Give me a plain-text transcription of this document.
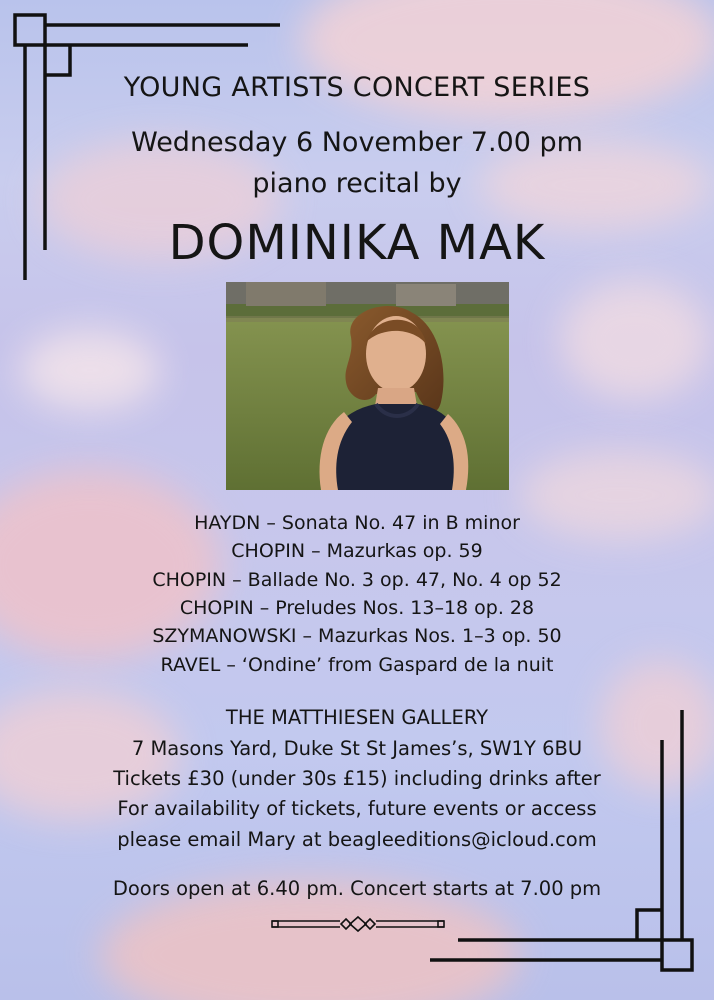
YOUNG ARTISTS CONCERT SERIES
Wednesday 6 November 7.00 pm
piano recital by
DOMINIKA MAK
HAYDN – Sonata No. 47 in B minor
CHOPIN – Mazurkas op. 59
CHOPIN – Ballade No. 3 op. 47, No. 4 op 52
CHOPIN – Preludes Nos. 13–18 op. 28
SZYMANOWSKI – Mazurkas Nos. 1–3 op. 50
RAVEL – ‘Ondine’ from Gaspard de la nuit
THE MATTHIESEN GALLERY
7 Masons Yard, Duke St St James’s, SW1Y 6BU
Tickets £30 (under 30s £15) including drinks after
For availability of tickets, future events or access
please email Mary at beagleeditions@icloud.com
Doors open at 6.40 pm. Concert starts at 7.00 pm
